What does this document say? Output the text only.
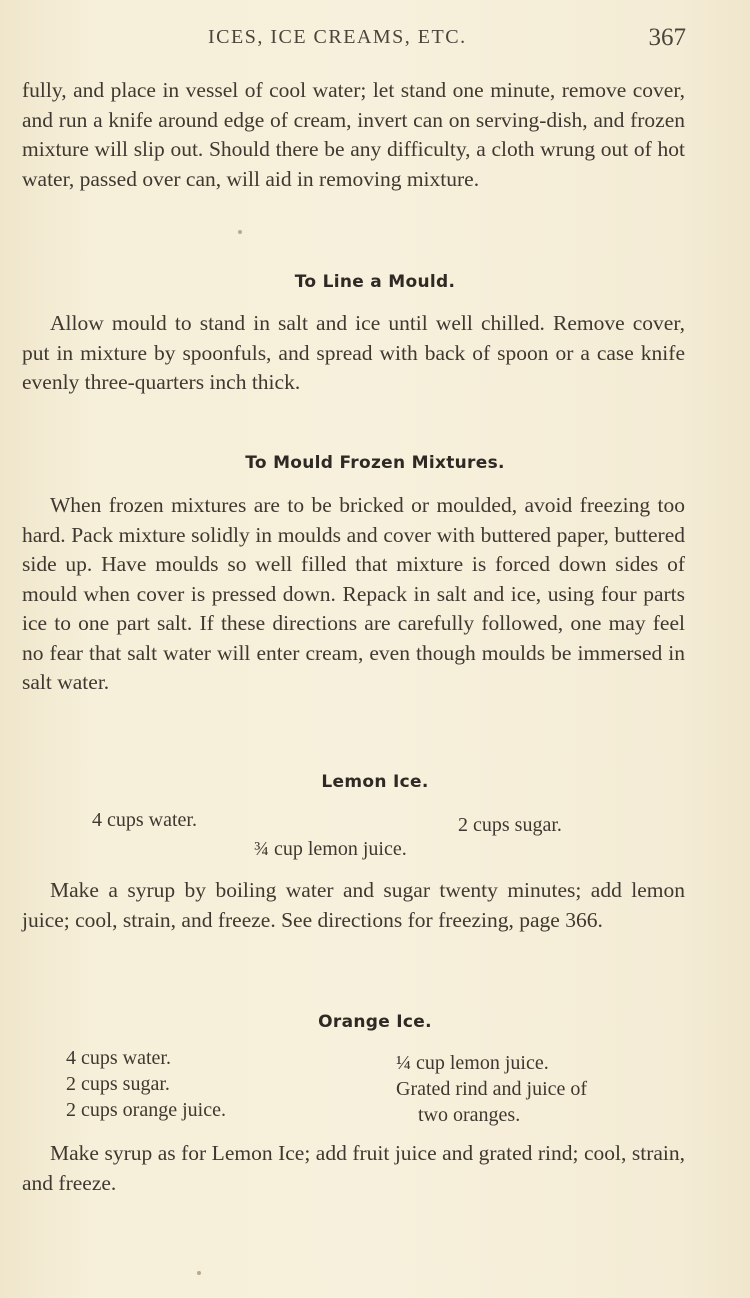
ICES, ICE CREAMS, ETC.	367

fully, and place in vessel of cool water; let stand one minute, remove cover, and run a knife around edge of cream, invert can on serving-dish, and frozen mixture will slip out. Should there be any difficulty, a cloth wrung out of hot water, passed over can, will aid in removing mixture.

To Line a Mould.

Allow mould to stand in salt and ice until well chilled. Remove cover, put in mixture by spoonfuls, and spread with back of spoon or a case knife evenly three-quarters inch thick.

To Mould Frozen Mixtures.

When frozen mixtures are to be bricked or moulded, avoid freezing too hard. Pack mixture solidly in moulds and cover with buttered paper, buttered side up. Have moulds so well filled that mixture is forced down sides of mould when cover is pressed down. Repack in salt and ice, using four parts ice to one part salt. If these directions are carefully followed, one may feel no fear that salt water will enter cream, even though moulds be immersed in salt water.

Lemon Ice.
4 cups water.	2 cups sugar.
¾ cup lemon juice.

Make a syrup by boiling water and sugar twenty minutes; add lemon juice; cool, strain, and freeze. See directions for freezing, page 366.

Orange Ice.
4 cups water.
2 cups sugar.
2 cups orange juice.
¼ cup lemon juice.
Grated rind and juice of
two oranges.

Make syrup as for Lemon Ice; add fruit juice and grated rind; cool, strain, and freeze.
